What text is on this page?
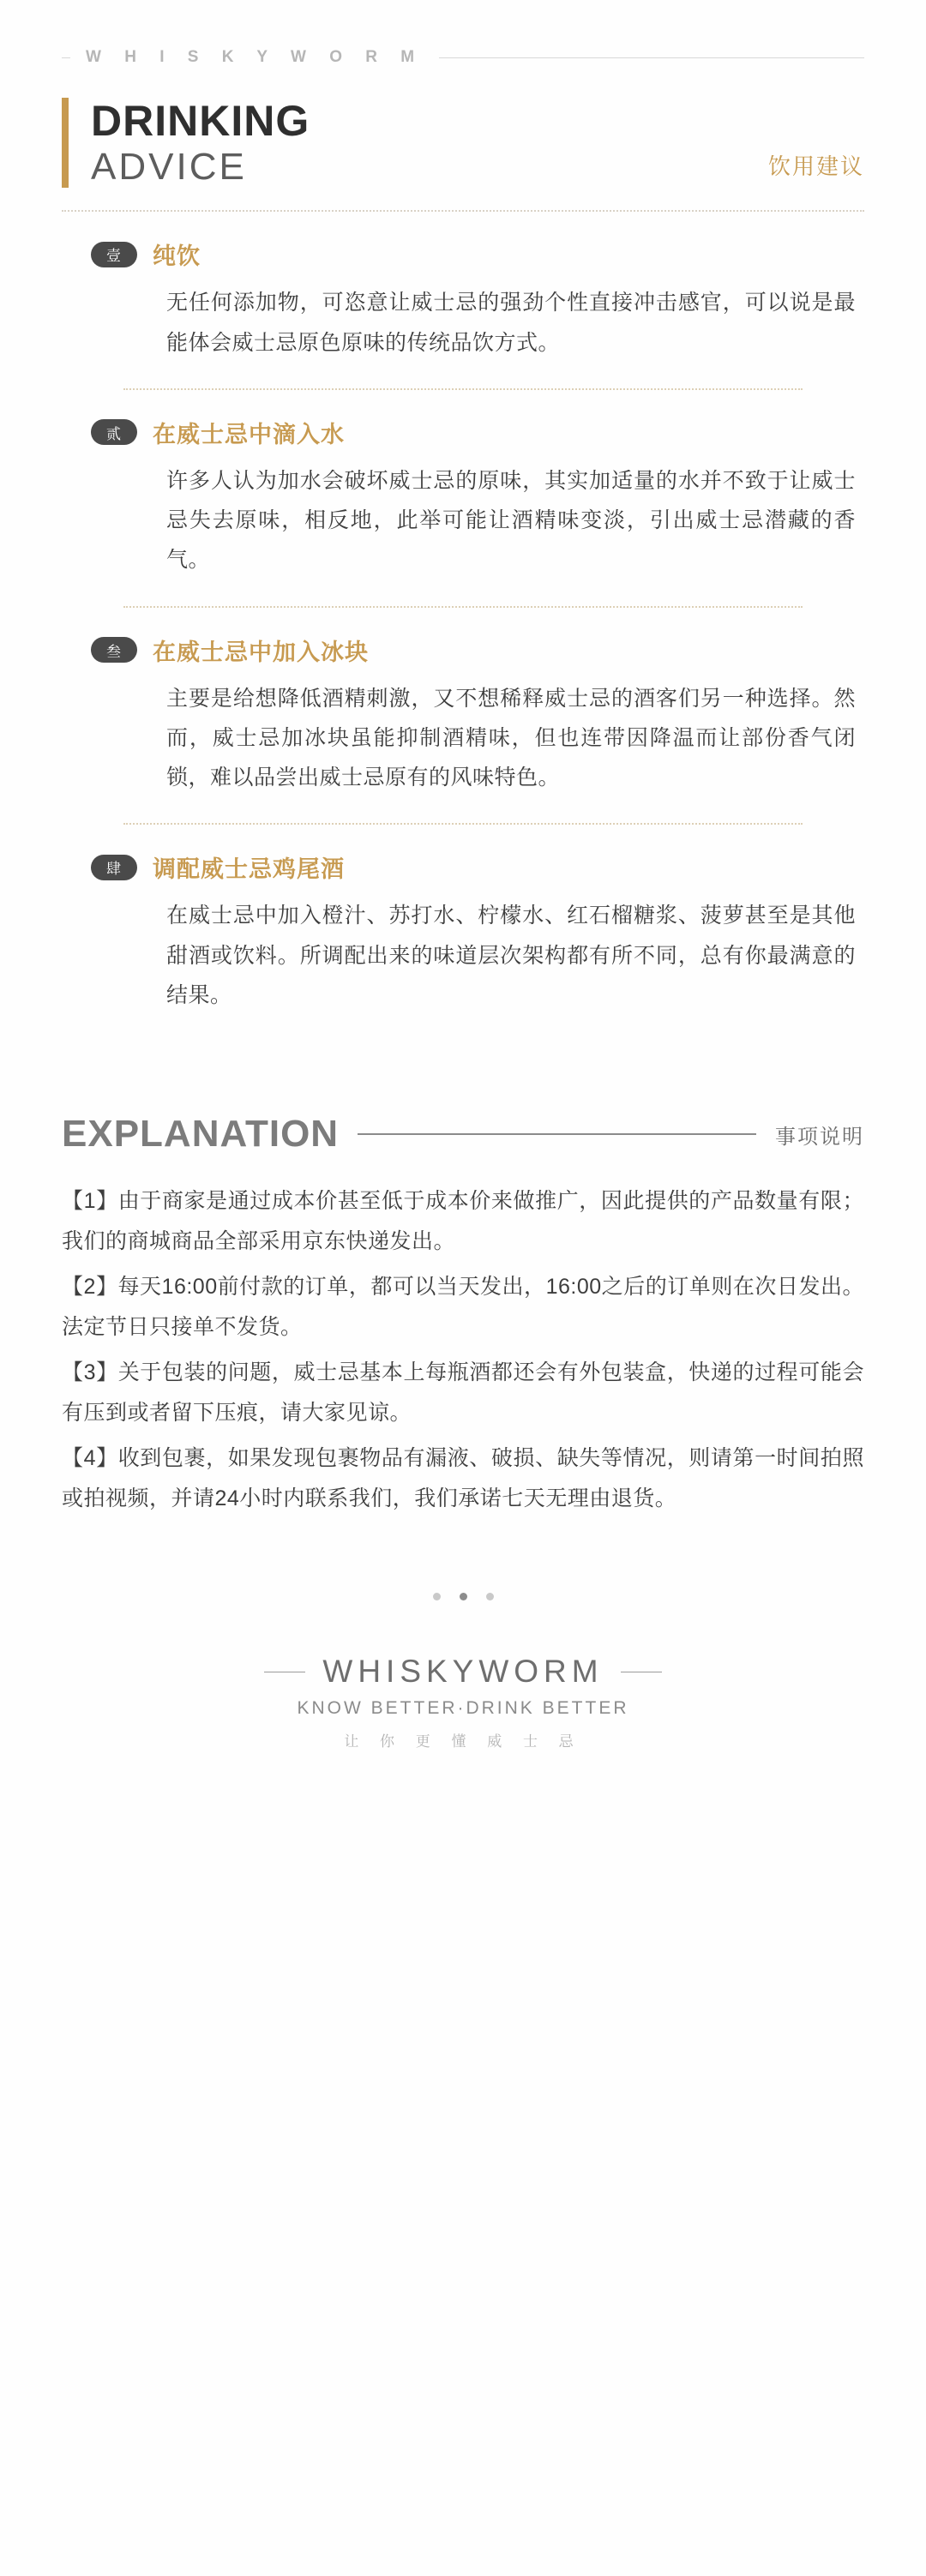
W H I S K Y W O R M
DRINKING
ADVICE	饮用建议
壹	纯饮
无任何添加物，可恣意让威士忌的强劲个性直接冲击感官，可以说是最能体会威士忌原色原味的传统品饮方式。
贰	在威士忌中滴入水
许多人认为加水会破坏威士忌的原味，其实加适量的水并不致于让威士忌失去原味，相反地，此举可能让酒精味变淡，引出威士忌潜藏的香气。
叁	在威士忌中加入冰块
主要是给想降低酒精刺激，又不想稀释威士忌的酒客们另一种选择。然而，威士忌加冰块虽能抑制酒精味，但也连带因降温而让部份香气闭锁，难以品尝出威士忌原有的风味特色。
肆	调配威士忌鸡尾酒
在威士忌中加入橙汁、苏打水、柠檬水、红石榴糖浆、菠萝甚至是其他甜酒或饮料。所调配出来的味道层次架构都有所不同，总有你最满意的结果。
EXPLANATION	事项说明
【1】由于商家是通过成本价甚至低于成本价来做推广，因此提供的产品数量有限；我们的商城商品全部采用京东快递发出。
【2】每天16:00前付款的订单，都可以当天发出，16:00之后的订单则在次日发出。法定节日只接单不发货。
【3】关于包装的问题，威士忌基本上每瓶酒都还会有外包装盒，快递的过程可能会有压到或者留下压痕，请大家见谅。
【4】收到包裹，如果发现包裹物品有漏液、破损、缺失等情况，则请第一时间拍照或拍视频，并请24小时内联系我们，我们承诺七天无理由退货。
WHISKYWORM
KNOW BETTER·DRINK BETTER
让 你 更 懂 威 士 忌
